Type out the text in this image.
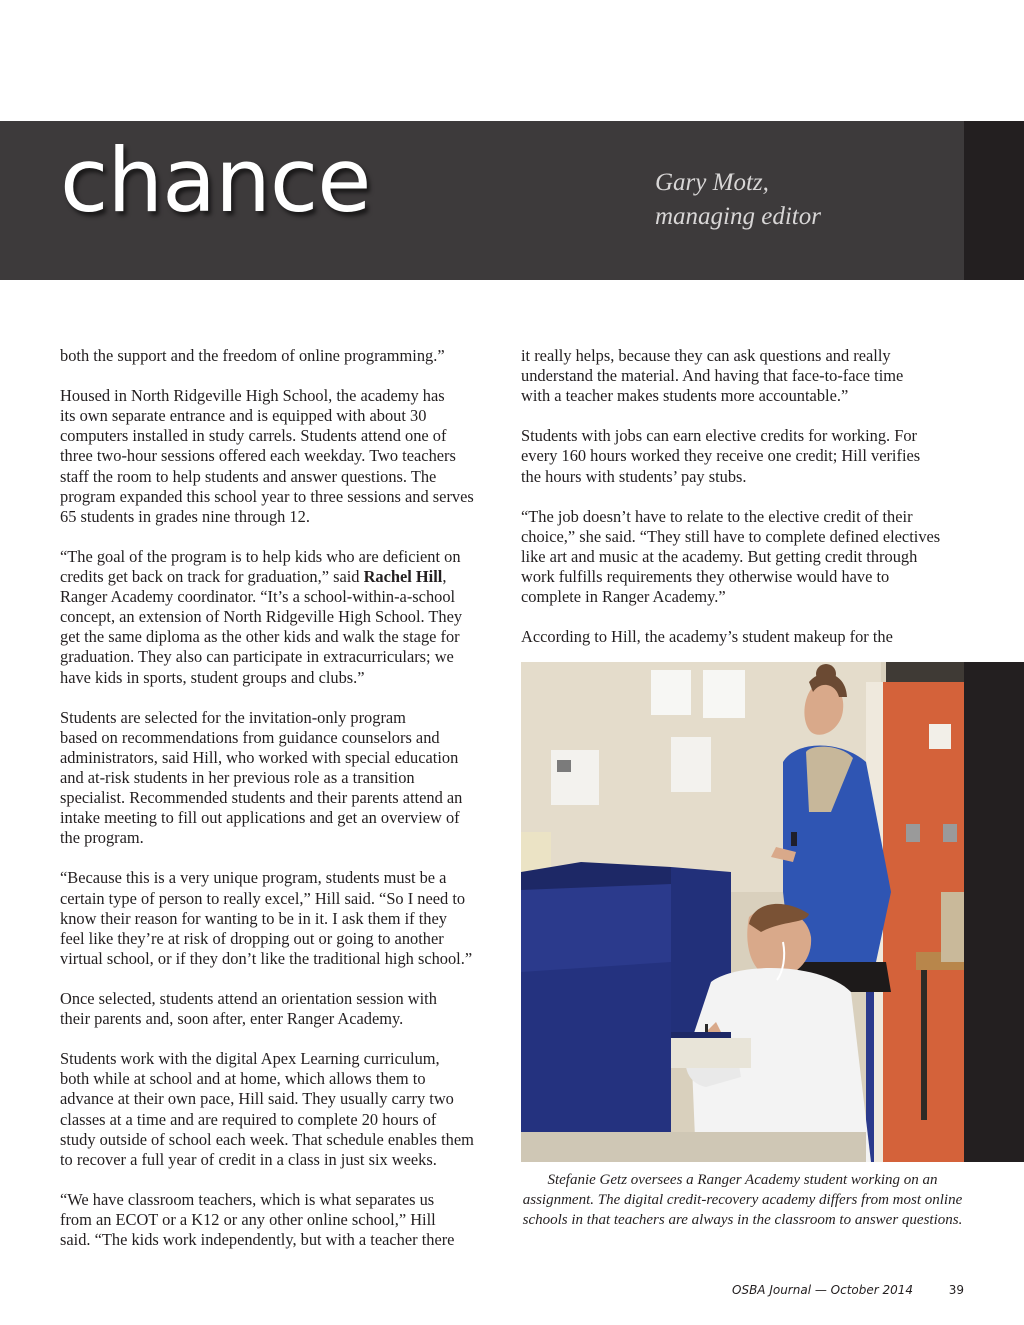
chance	Gary Motz,
managing editor

both the support and the freedom of online programming.”

Housed in North Ridgeville High School, the academy has
its own separate entrance and is equipped with about 30
computers installed in study carrels. Students attend one of
three two-hour sessions offered each weekday. Two teachers
staff the room to help students and answer questions. The
program expanded this school year to three sessions and serves
65 students in grades nine through 12.

“The goal of the program is to help kids who are deficient on
credits get back on track for graduation,” said Rachel Hill,
Ranger Academy coordinator. “It’s a school-within-a-school
concept, an extension of North Ridgeville High School. They
get the same diploma as the other kids and walk the stage for
graduation. They also can participate in extracurriculars; we
have kids in sports, student groups and clubs.”

Students are selected for the invitation-only program
based on recommendations from guidance counselors and
administrators, said Hill, who worked with special education
and at-risk students in her previous role as a transition
specialist. Recommended students and their parents attend an
intake meeting to fill out applications and get an overview of
the program.

“Because this is a very unique program, students must be a
certain type of person to really excel,” Hill said. “So I need to
know their reason for wanting to be in it. I ask them if they
feel like they’re at risk of dropping out or going to another
virtual school, or if they don’t like the traditional high school.”

Once selected, students attend an orientation session with
their parents and, soon after, enter Ranger Academy.

Students work with the digital Apex Learning curriculum,
both while at school and at home, which allows them to
advance at their own pace, Hill said. They usually carry two
classes at a time and are required to complete 20 hours of
study outside of school each week. That schedule enables them
to recover a full year of credit in a class in just six weeks.

“We have classroom teachers, which is what separates us
from an ECOT or a K12 or any other online school,” Hill
said. “The kids work independently, but with a teacher there

it really helps, because they can ask questions and really
understand the material. And having that face-to-face time
with a teacher makes students more accountable.”

Students with jobs can earn elective credits for working. For
every 160 hours worked they receive one credit; Hill verifies
the hours with students’ pay stubs.

“The job doesn’t have to relate to the elective credit of their
choice,” she said. “They still have to complete defined electives
like art and music at the academy. But getting credit through
work fulfills requirements they otherwise would have to
complete in Ranger Academy.”

According to Hill, the academy’s student makeup for the

Stefanie Getz oversees a Ranger Academy student working on an assignment. The digital credit-recovery academy differs from most online schools in that teachers are always in the classroom to answer questions.
OSBA Journal — October 2014	39
